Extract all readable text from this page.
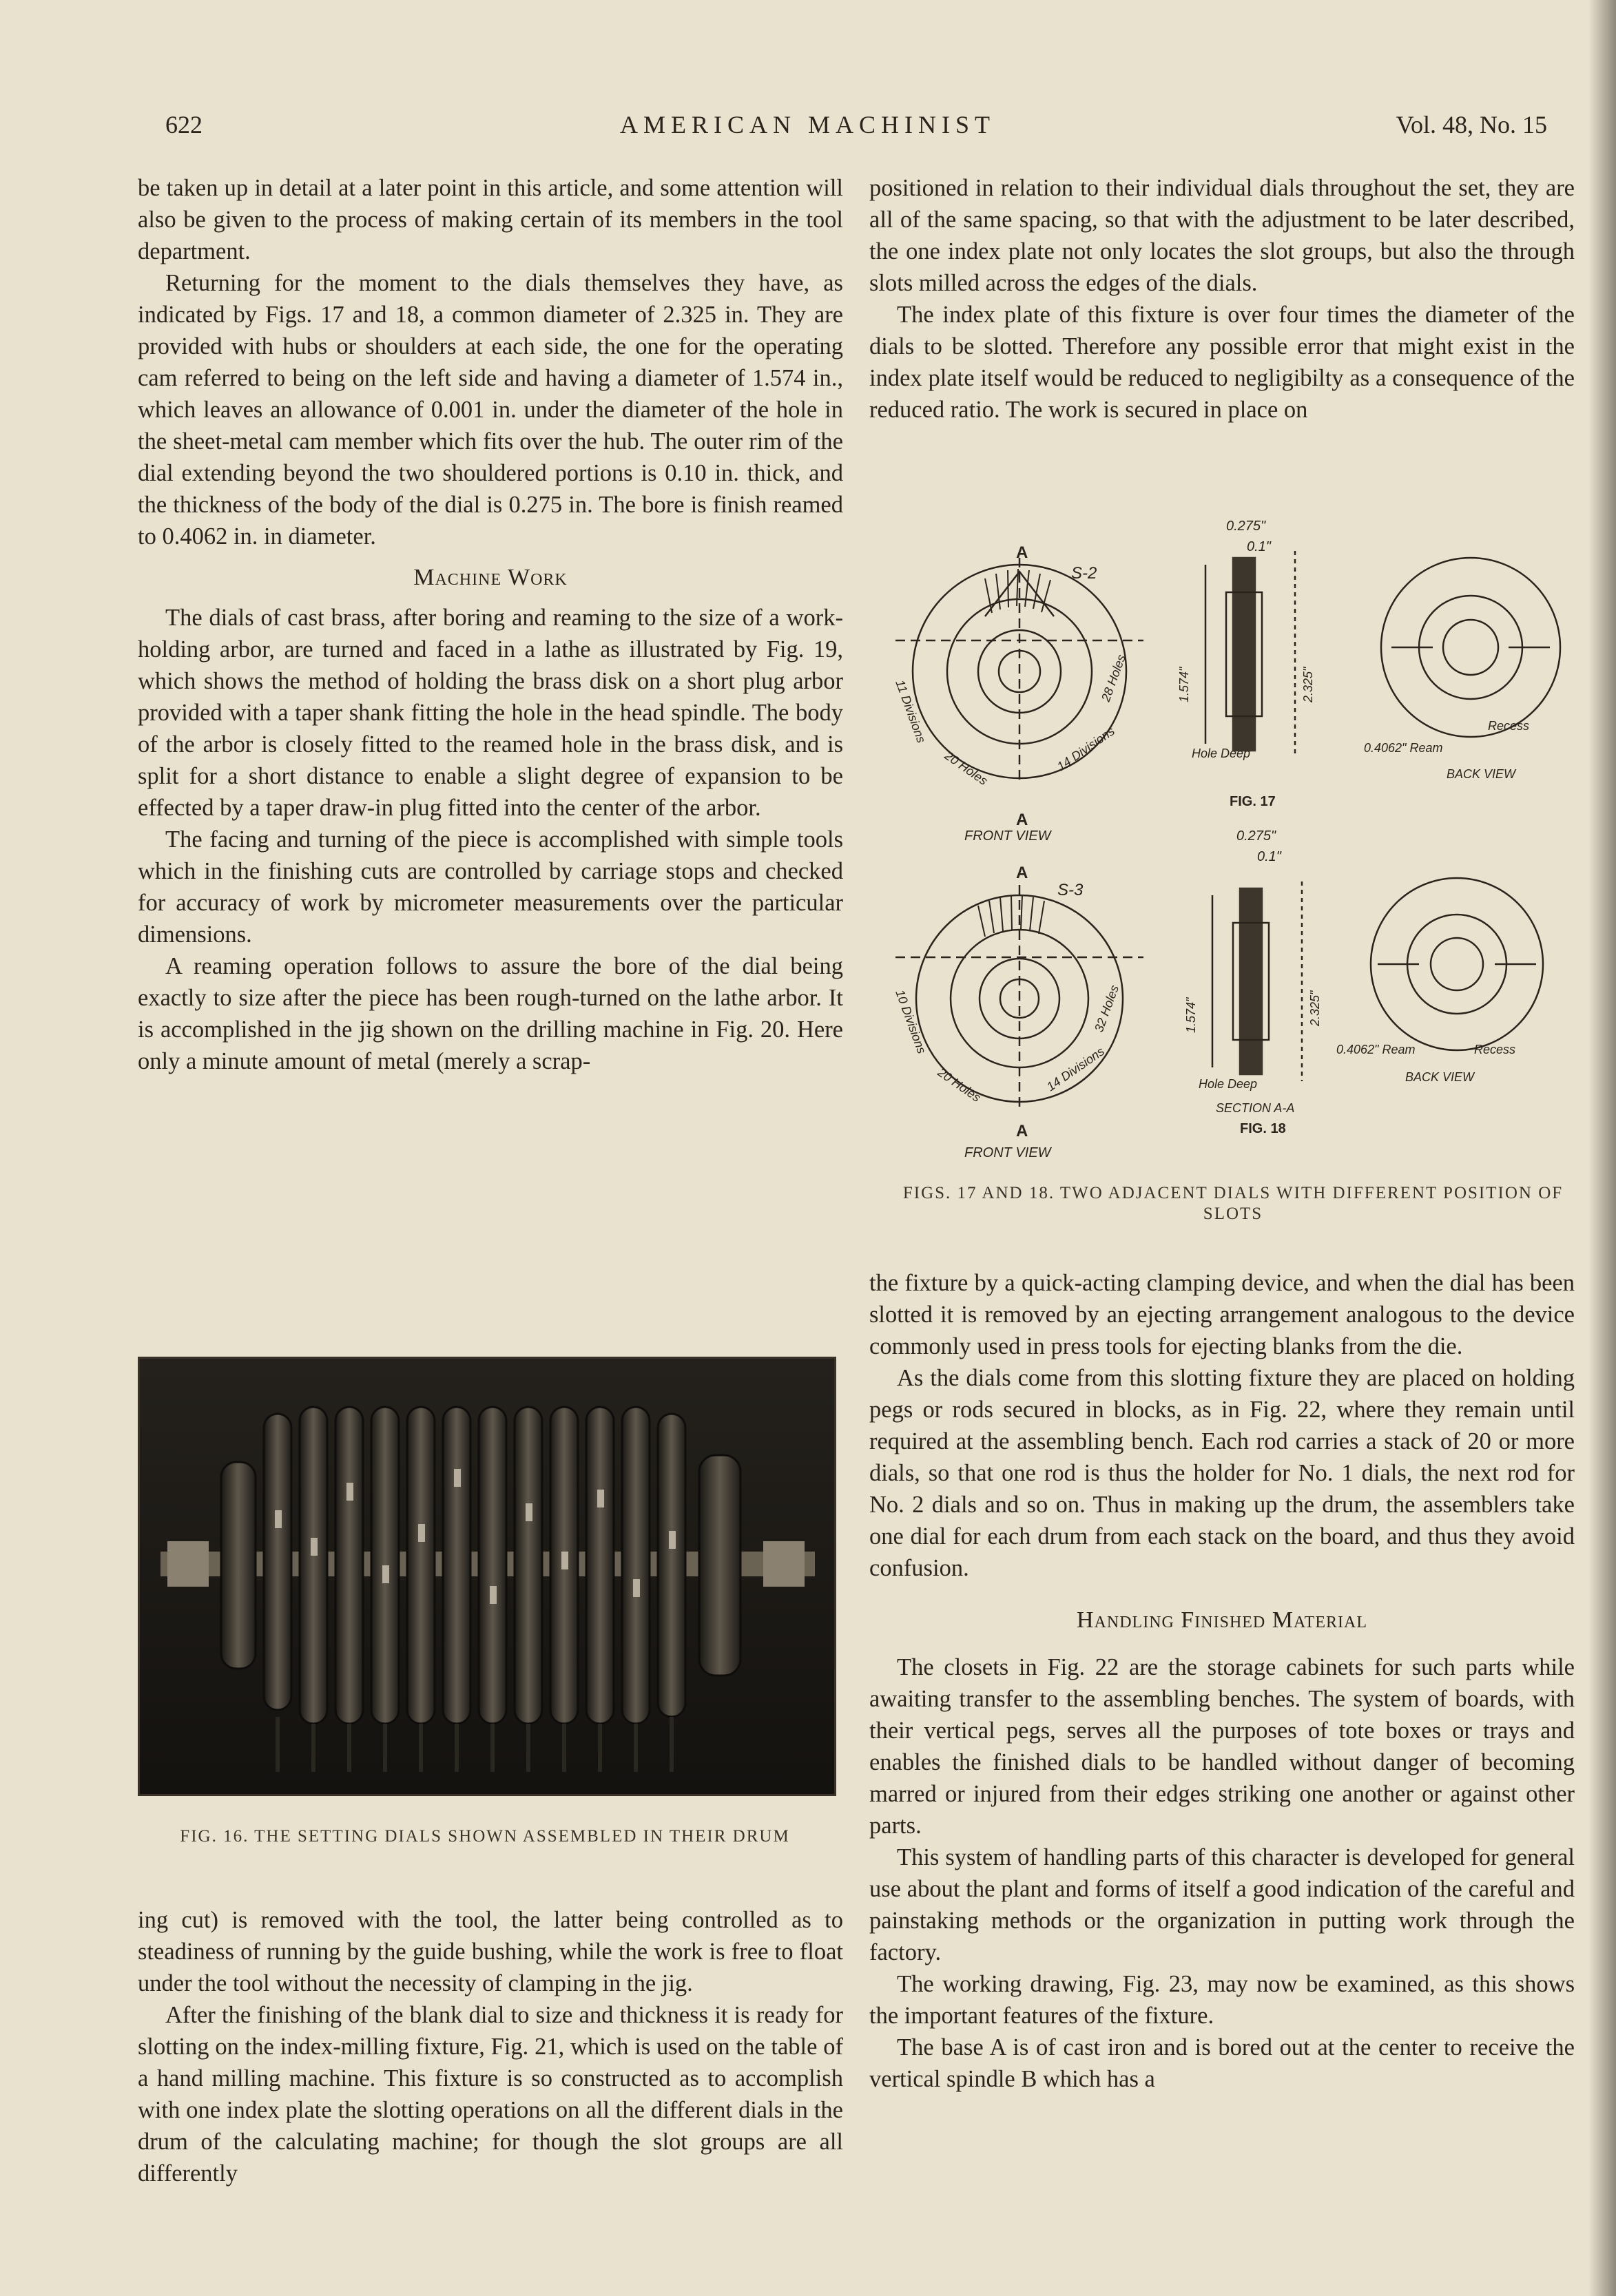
622	AMERICAN MACHINIST	Vol. 48, No. 15

be taken up in detail at a later point in this article, and some attention will also be given to the process of making certain of its members in the tool department.

Returning for the moment to the dials themselves they have, as indicated by Figs. 17 and 18, a common diameter of 2.325 in. They are provided with hubs or shoulders at each side, the one for the operating cam referred to being on the left side and having a diameter of 1.574 in., which leaves an allowance of 0.001 in. under the diameter of the hole in the sheet-metal cam member which fits over the hub. The outer rim of the dial extending beyond the two shouldered portions is 0.10 in. thick, and the thickness of the body of the dial is 0.275 in. The bore is finish reamed to 0.4062 in. in diameter.

Machine Work

The dials of cast brass, after boring and reaming to the size of a work-holding arbor, are turned and faced in a lathe as illustrated by Fig. 19, which shows the method of holding the brass disk on a short plug arbor provided with a taper shank fitting the hole in the head spindle. The body of the arbor is closely fitted to the reamed hole in the brass disk, and is split for a short distance to enable a slight degree of expansion to be effected by a taper draw-in plug fitted into the center of the arbor.

The facing and turning of the piece is accomplished with simple tools which in the finishing cuts are controlled by carriage stops and checked for accuracy of work by micrometer measurements over the particular dimensions.

A reaming operation follows to assure the bore of the dial being exactly to size after the piece has been rough-turned on the lathe arbor. It is accomplished in the jig shown on the drilling machine in Fig. 20. Here only a minute amount of metal (merely a scrap-

FIG. 16. THE SETTING DIALS SHOWN ASSEMBLED IN THEIR DRUM

ing cut) is removed with the tool, the latter being controlled as to steadiness of running by the guide bushing, while the work is free to float under the tool without the necessity of clamping in the jig.

After the finishing of the blank dial to size and thickness it is ready for slotting on the index-milling fixture, Fig. 21, which is used on the table of a hand milling machine. This fixture is so constructed as to accomplish with one index plate the slotting operations on all the different dials in the drum of the calculating machine; for though the slot groups are all differently

positioned in relation to their individual dials throughout the set, they are all of the same spacing, so that with the adjustment to be later described, the one index plate not only locates the slot groups, but also the through slots milled across the edges of the dials.

The index plate of this fixture is over four times the diameter of the dials to be slotted. Therefore any possible error that might exist in the index plate itself would be reduced to negligibilty as a consequence of the reduced ratio. The work is secured in place on

A
S-2
FRONT VIEW
A
11 Divisions
20 Holes	14 Divisions
28 Holes
0.275"
0.1"
1.574"	2.325"
Hole Deep
FIG. 17
0.4062" Ream
Recess
BACK VIEW
A
S-3
10 Divisions
20 Holes	14 Divisions
32 Holes
A
FRONT VIEW
0.275"
0.1"
1.574"	2.325"
Hole Deep
SECTION A-A
FIG. 18
0.4062" Ream	Recess
BACK VIEW
FIGS. 17 AND 18. TWO ADJACENT DIALS WITH DIFFERENT POSITION OF SLOTS

the fixture by a quick-acting clamping device, and when the dial has been slotted it is removed by an ejecting arrangement analogous to the device commonly used in press tools for ejecting blanks from the die.

As the dials come from this slotting fixture they are placed on holding pegs or rods secured in blocks, as in Fig. 22, where they remain until required at the assembling bench. Each rod carries a stack of 20 or more dials, so that one rod is thus the holder for No. 1 dials, the next rod for No. 2 dials and so on. Thus in making up the drum, the assemblers take one dial for each drum from each stack on the board, and thus they avoid confusion.

Handling Finished Material

The closets in Fig. 22 are the storage cabinets for such parts while awaiting transfer to the assembling benches. The system of boards, with their vertical pegs, serves all the purposes of tote boxes or trays and enables the finished dials to be handled without danger of becoming marred or injured from their edges striking one another or against other parts.

This system of handling parts of this character is developed for general use about the plant and forms of itself a good indication of the careful and painstaking methods or the organization in putting work through the factory.

The working drawing, Fig. 23, may now be examined, as this shows the important features of the fixture.

The base A is of cast iron and is bored out at the center to receive the vertical spindle B which has a
